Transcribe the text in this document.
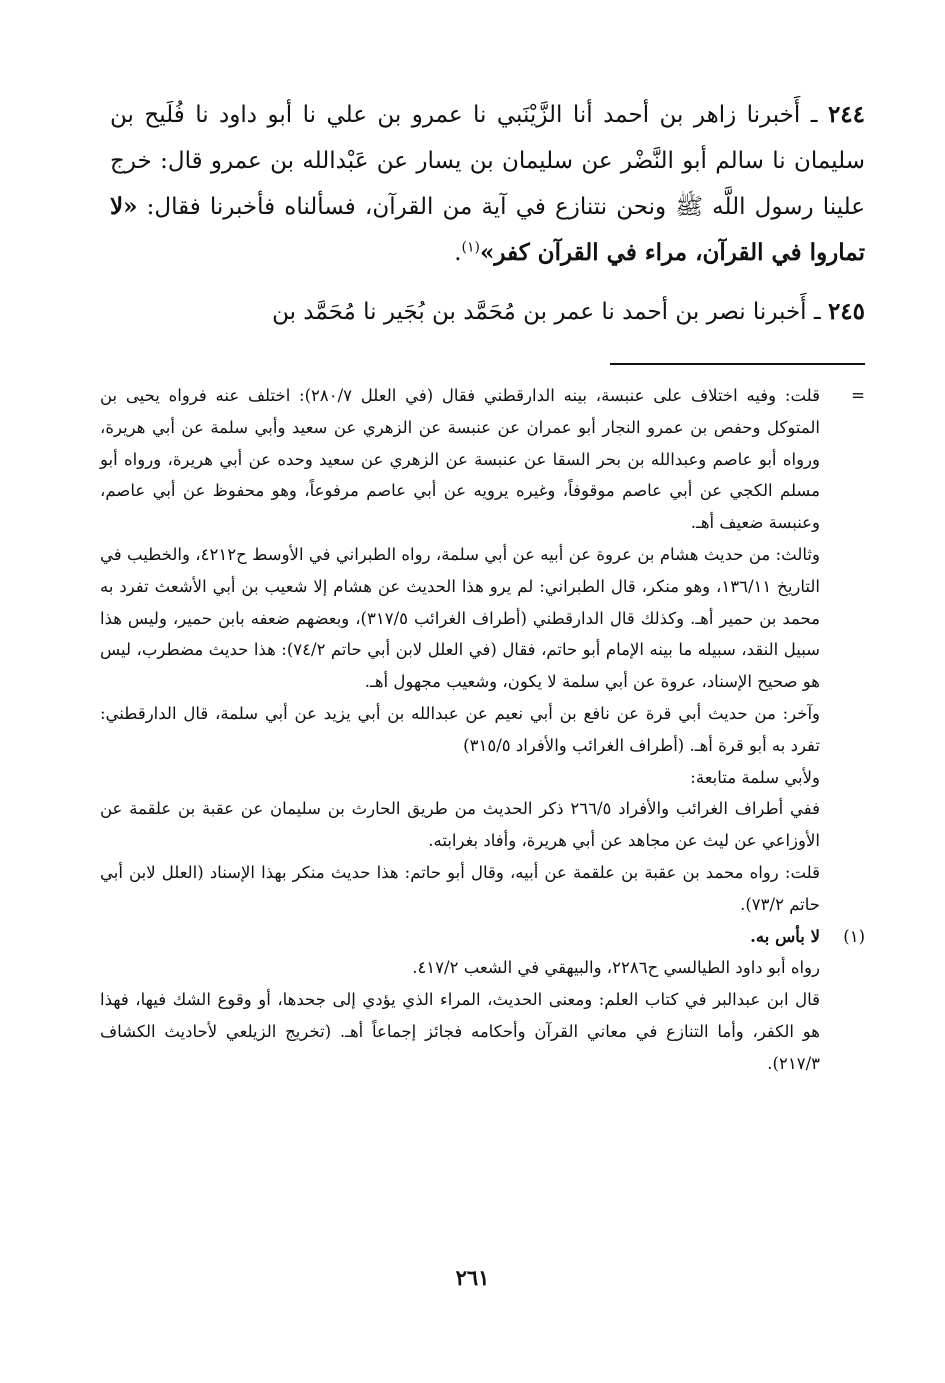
٢٤٤ ـ أَخبرنا زاهر بن أحمد أنا الزَّيْنَبي نا عمرو بن علي نا أبو داود نا فُلَيح بن سليمان نا سالم أبو النَّضْر عن سليمان بن يسار عن عَبْدالله بن عمرو قال: خرج علينا رسول اللَّه ﷺ ونحن نتنازع في آية من القرآن، فسألناه فأخبرنا فقال: «لا تماروا في القرآن، مراء في القرآن كفر»$^{(١)}$.

٢٤٥ ـ أَخبرنا نصر بن أحمد نا عمر بن مُحَمَّد بن بُجَير نا مُحَمَّد بن

=

قلت: وفيه اختلاف على عنبسة، بينه الدارقطني فقال (في العلل ٢٨٠/٧): اختلف عنه فرواه يحيى بن المتوكل وحفص بن عمرو النجار أبو عمران عن عنبسة عن الزهري عن سعيد وأبي سلمة عن أبي هريرة، ورواه أبو عاصم وعبدالله بن بحر السقا عن عنبسة عن الزهري عن سعيد وحده عن أبي هريرة، ورواه أبو مسلم الكجي عن أبي عاصم موقوفاً، وغيره يرويه عن أبي عاصم مرفوعاً، وهو محفوظ عن أبي عاصم، وعنبسة ضعيف أهـ.

وثالث: من حديث هشام بن عروة عن أبيه عن أبي سلمة، رواه الطبراني في الأوسط ح٤٢١٢، والخطيب في التاريخ ١٣٦/١١، وهو منكر، قال الطبراني: لم يرو هذا الحديث عن هشام إلا شعيب بن أبي الأشعث تفرد به محمد بن حمير أهـ. وكذلك قال الدارقطني (أطراف الغرائب ٣١٧/٥)، وبعضهم ضعفه بابن حمير، وليس هذا سبيل النقد، سبيله ما بينه الإمام أبو حاتم، فقال (في العلل لابن أبي حاتم ٧٤/٢): هذا حديث مضطرب، ليس هو صحيح الإسناد، عروة عن أبي سلمة لا يكون، وشعيب مجهول أهـ.

وآخر: من حديث أبي قرة عن نافع بن أبي نعيم عن عبدالله بن أبي يزيد عن أبي سلمة، قال الدارقطني: تفرد به أبو قرة أهـ. (أطراف الغرائب والأفراد ٣١٥/٥)

ولأبي سلمة متابعة:

ففي أطراف الغرائب والأفراد ٢٦٦/٥ ذكر الحديث من طريق الحارث بن سليمان عن عقبة بن علقمة عن الأوزاعي عن ليث عن مجاهد عن أبي هريرة، وأفاد بغرابته.

قلت: رواه محمد بن عقبة بن علقمة عن أبيه، وقال أبو حاتم: هذا حديث منكر بهذا الإسناد (العلل لابن أبي حاتم ٧٣/٢).

(١)

لا بأس به.

رواه أبو داود الطيالسي ح٢٢٨٦، والبيهقي في الشعب ٤١٧/٢.

قال ابن عبدالبر في كتاب العلم: ومعنى الحديث، المراء الذي يؤدي إلى جحدها، أو وقوع الشك فيها، فهذا هو الكفر، وأما التنازع في معاني القرآن وأحكامه فجائز إجماعاً أهـ. (تخريج الزيلعي لأحاديث الكشاف ٢١٧/٣).

٢٦١
